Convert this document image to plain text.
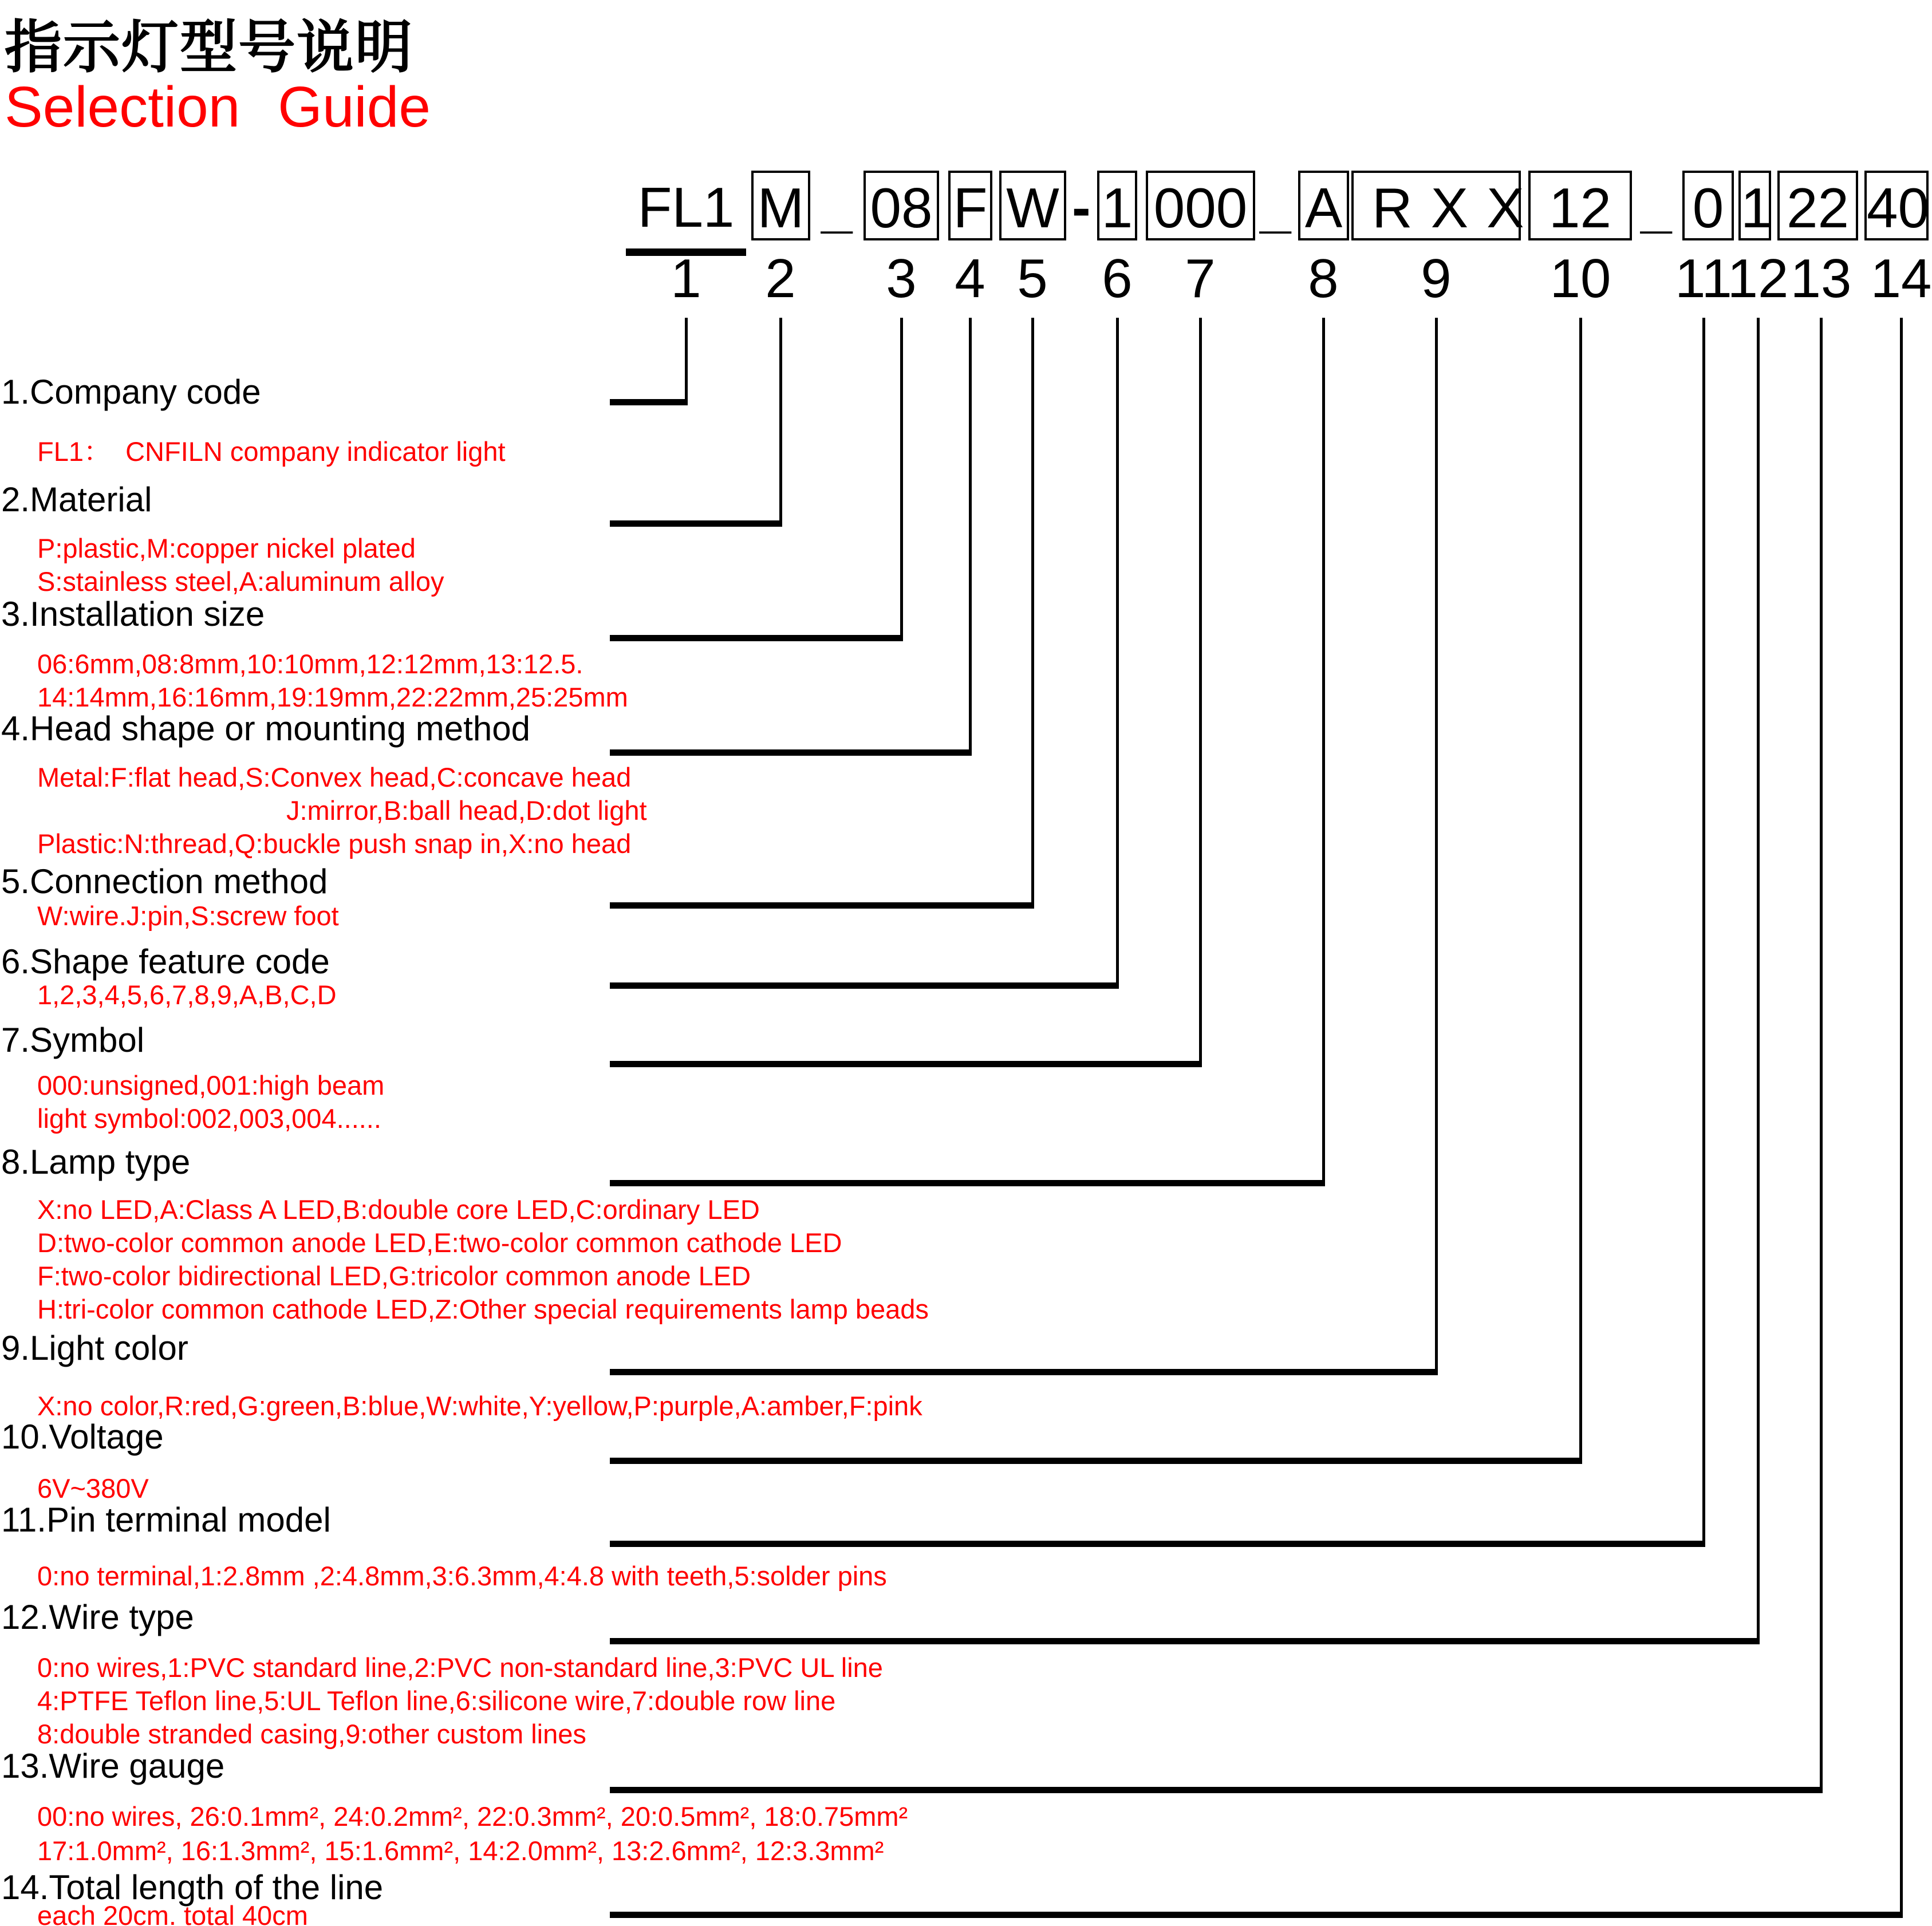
指示灯型号说明
Selection Guide
FL1 M _ 08 F W - 1 000 _ A RXX 12 _ 0 1 22 40
1	2	3 4 5 6 7	8	9	10	11
12 13 14
1.Company code
FL1：  CNFILN company indicator light
2.Material
P:plastic,M:copper nickel plated
S:stainless steel,A:aluminum alloy
3.Installation size
06:6mm,08:8mm,10:10mm,12:12mm,13:12.5.
14:14mm,16:16mm,19:19mm,22:22mm,25:25mm
4.Head shape or mounting method
Metal:F:flat head,S:Convex head,C:concave head
J:mirror,B:ball head,D:dot light
Plastic:N:thread,Q:buckle push snap in,X:no head
5.Connection method
W:wire.J:pin,S:screw foot
6.Shape feature code
1,2,3,4,5,6,7,8,9,A,B,C,D
7.Symbol
000:unsigned,001:high beam
light symbol:002,003,004......
8.Lamp type
X:no LED,A:Class A LED,B:double core LED,C:ordinary LED
D:two-color common anode LED,E:two-color common cathode LED
F:two-color bidirectional LED,G:tricolor common anode LED
H:tri-color common cathode LED,Z:Other special requirements lamp beads
9.Light color
X:no color,R:red,G:green,B:blue,W:white,Y:yellow,P:purple,A:amber,F:pink
10.Voltage
6V~380V
11.Pin terminal model
0:no terminal,1:2.8mm ,2:4.8mm,3:6.3mm,4:4.8 with teeth,5:solder pins
12.Wire type
0:no wires,1:PVC standard line,2:PVC non-standard line,3:PVC UL line
4:PTFE Teflon line,5:UL Teflon line,6:silicone wire,7:double row line
8:double stranded casing,9:other custom lines
13.Wire gauge
00:no wires, 26:0.1mm², 24:0.2mm², 22:0.3mm², 20:0.5mm², 18:0.75mm²
17:1.0mm², 16:1.3mm², 15:1.6mm², 14:2.0mm², 13:2.6mm², 12:3.3mm²
14.Total length of the line
each 20cm. total 40cm
